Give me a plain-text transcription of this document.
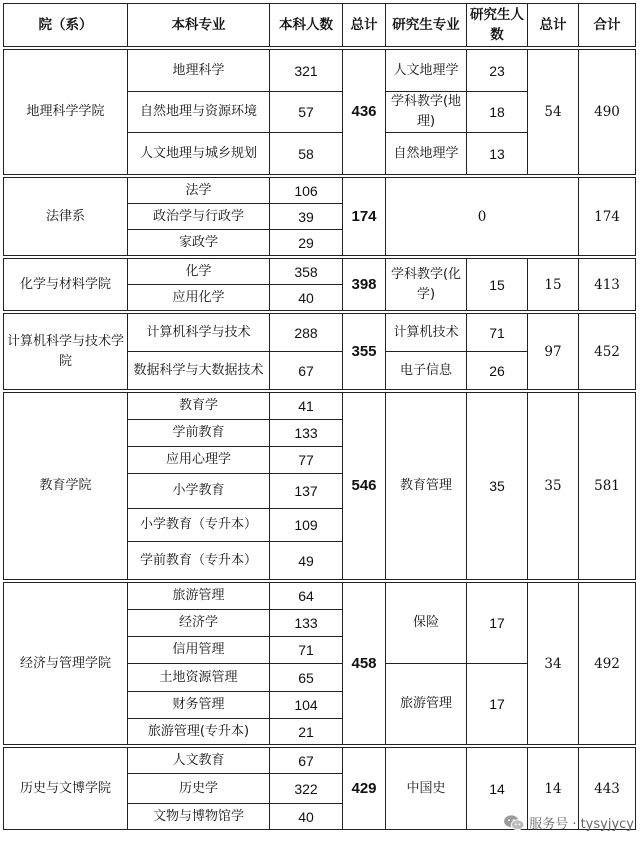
院（系）	本科专业	本科人数	总计	研究生专业	研究生人数	总计	合计

地理科学学院	地理科学	321	436	人文地理学	23	54	490
	自然地理与资源环境	57		学科教学(地理)	18		
	人文地理与城乡规划	58		自然地理学	13		

法律系	法学	106	174	0			174
	政治学与行政学	39					
	家政学	29					

化学与材料学院	化学	358	398	学科教学(化学)	15	15	413
	应用化学	40					

计算机科学与技术学院	计算机科学与技术	288	355	计算机技术	71	97	452
	数据科学与大数据技术	67		电子信息	26		

教育学院	教育学	41	546	教育管理	35	35	581
	学前教育	133					
	应用心理学	77					
	小学教育	137					
	小学教育（专升本）	109					
	学前教育（专升本）	49					

经济与管理学院	旅游管理	64	458	保险	17	34	492
	经济学	133					
	信用管理	71					
	土地资源管理	65		旅游管理	17		
	财务管理	104					
	旅游管理(专升本)	21					

历史与文博学院	人文教育	67	429	中国史	14	14	443
	历史学	322					
	文物与博物馆学	40						服务号 · tysyjycy
